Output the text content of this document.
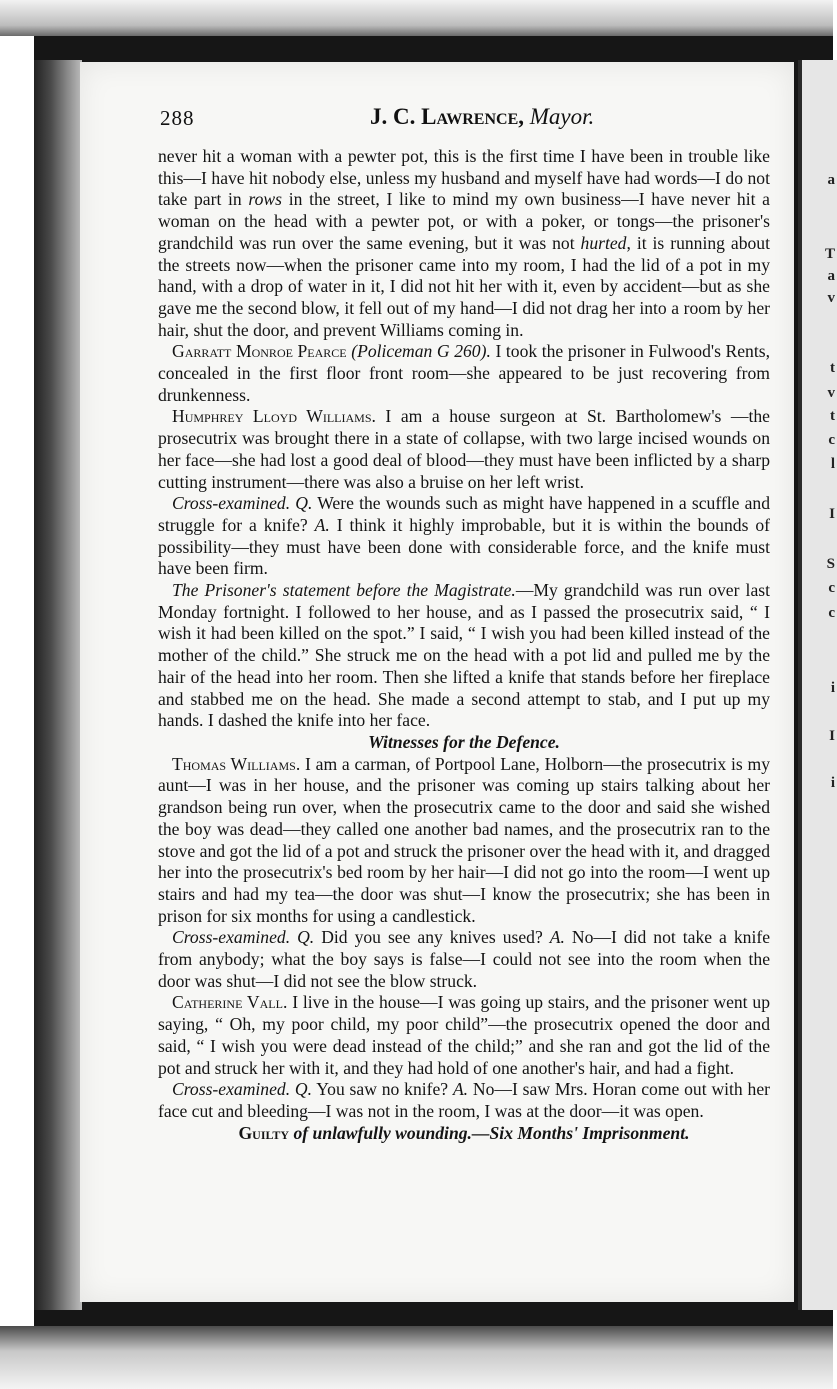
a
T
a
v
t
v
t
c
l
I
S
c
c
i
I
i
288	J. C. Lawrence, Mayor.

never hit a woman with a pewter pot, this is the first time I have been in trouble like this—I have hit nobody else, unless my husband and myself have had words—I do not take part in rows in the street, I like to mind my own business—I have never hit a woman on the head with a pewter pot, or with a poker, or tongs—the prisoner's grandchild was run over the same evening, but it was not hurted, it is running about the streets now—when the prisoner came into my room, I had the lid of a pot in my hand, with a drop of water in it, I did not hit her with it, even by accident—but as she gave me the second blow, it fell out of my hand—I did not drag her into a room by her hair, shut the door, and prevent Williams coming in.

Garratt Monroe Pearce (Policeman G 260). I took the prisoner in Fulwood's Rents, concealed in the first floor front room—she appeared to be just recovering from drunkenness.

Humphrey Lloyd Williams. I am a house surgeon at St. Bartholomew's —the prosecutrix was brought there in a state of collapse, with two large incised wounds on her face—she had lost a good deal of blood—they must have been inflicted by a sharp cutting instrument—there was also a bruise on her left wrist.

Cross-examined. Q. Were the wounds such as might have happened in a scuffle and struggle for a knife? A. I think it highly improbable, but it is within the bounds of possibility—they must have been done with considerable force, and the knife must have been firm.

The Prisoner's statement before the Magistrate.—My grandchild was run over last Monday fortnight. I followed to her house, and as I passed the prosecutrix said, “ I wish it had been killed on the spot.” I said, “ I wish you had been killed instead of the mother of the child.” She struck me on the head with a pot lid and pulled me by the hair of the head into her room. Then she lifted a knife that stands before her fireplace and stabbed me on the head. She made a second attempt to stab, and I put up my hands. I dashed the knife into her face.

Witnesses for the Defence.

Thomas Williams. I am a carman, of Portpool Lane, Holborn—the prosecutrix is my aunt—I was in her house, and the prisoner was coming up stairs talking about her grandson being run over, when the prosecutrix came to the door and said she wished the boy was dead—they called one another bad names, and the prosecutrix ran to the stove and got the lid of a pot and struck the prisoner over the head with it, and dragged her into the prosecutrix's bed room by her hair—I did not go into the room—I went up stairs and had my tea—the door was shut—I know the prosecutrix; she has been in prison for six months for using a candlestick.

Cross-examined. Q. Did you see any knives used? A. No—I did not take a knife from anybody; what the boy says is false—I could not see into the room when the door was shut—I did not see the blow struck.

Catherine Vall. I live in the house—I was going up stairs, and the prisoner went up saying, “ Oh, my poor child, my poor child”—the prosecutrix opened the door and said, “ I wish you were dead instead of the child;” and she ran and got the lid of the pot and struck her with it, and they had hold of one another's hair, and had a fight.

Cross-examined. Q. You saw no knife? A. No—I saw Mrs. Horan come out with her face cut and bleeding—I was not in the room, I was at the door—it was open.

Guilty of unlawfully wounding.—Six Months' Imprisonment.
